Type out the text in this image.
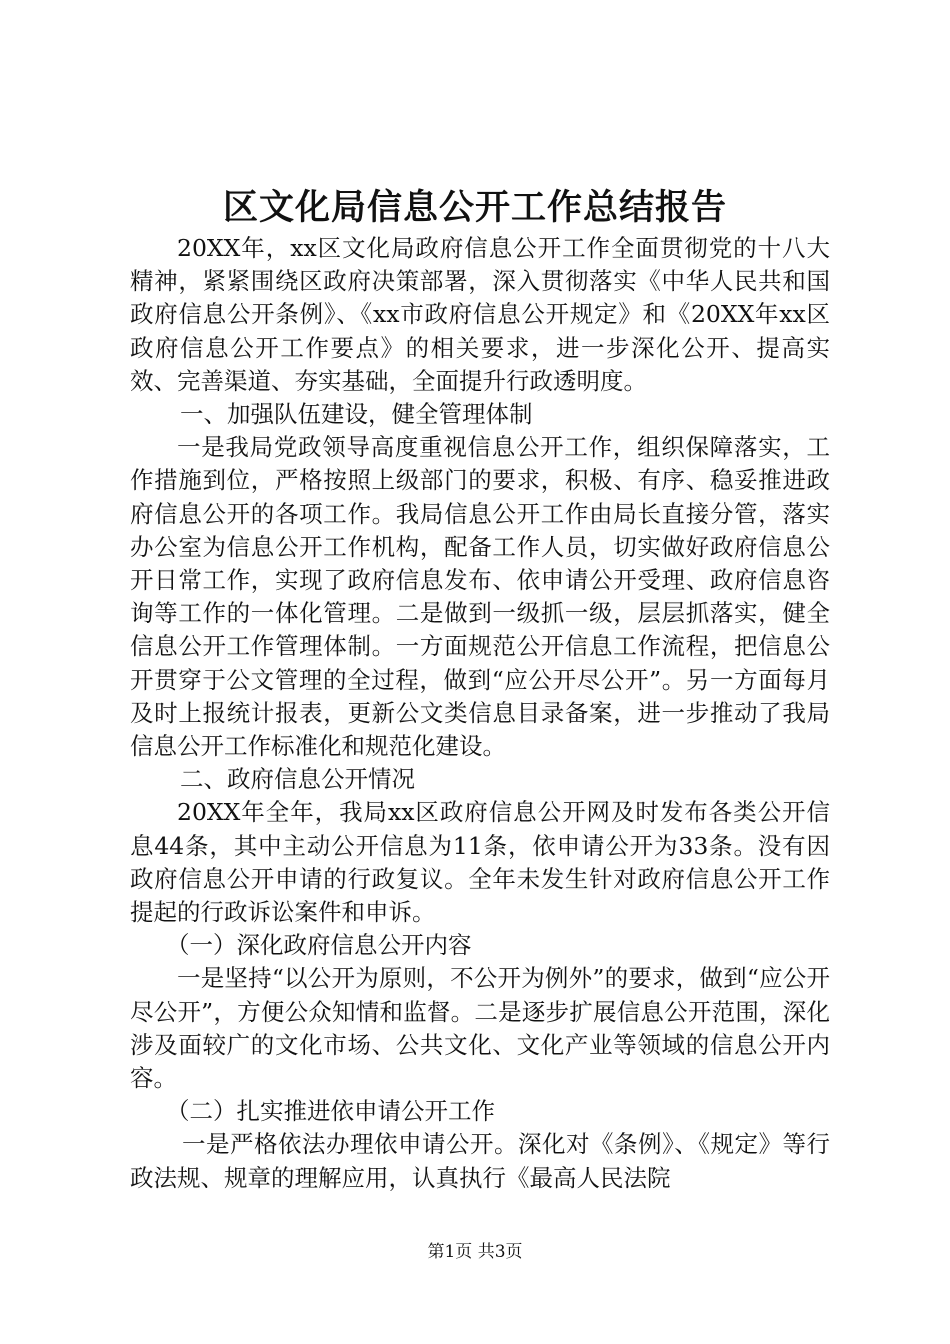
区文化局信息公开工作总结报告

20XX年，xx区文化局政府信息公开工作全面贯彻党的十八大精神，紧紧围绕区政府决策部署，深入贯彻落实《中华人民共和国政府信息公开条例》、《xx市政府信息公开规定》和《20XX年xx区政府信息公开工作要点》的相关要求，进一步深化公开、提高实效、完善渠道、夯实基础，全面提升行政透明度。

一、加强队伍建设，健全管理体制

一是我局党政领导高度重视信息公开工作，组织保障落实，工作措施到位，严格按照上级部门的要求，积极、有序、稳妥推进政府信息公开的各项工作。我局信息公开工作由局长直接分管，落实办公室为信息公开工作机构，配备工作人员，切实做好政府信息公开日常工作，实现了政府信息发布、依申请公开受理、政府信息咨询等工作的一体化管理。二是做到一级抓一级，层层抓落实，健全信息公开工作管理体制。一方面规范公开信息工作流程，把信息公开贯穿于公文管理的全过程，做到“应公开尽公开”。另一方面每月及时上报统计报表，更新公文类信息目录备案，进一步推动了我局信息公开工作标准化和规范化建设。

二、政府信息公开情况

20XX年全年，我局xx区政府信息公开网及时发布各类公开信息44条，其中主动公开信息为11条，依申请公开为33条。没有因政府信息公开申请的行政复议。全年未发生针对政府信息公开工作提起的行政诉讼案件和申诉。

（一）深化政府信息公开内容

一是坚持“以公开为原则，不公开为例外”的要求，做到“应公开尽公开”，方便公众知情和监督。二是逐步扩展信息公开范围，深化涉及面较广的文化市场、公共文化、文化产业等领域的信息公开内容。

（二）扎实推进依申请公开工作

一是严格依法办理依申请公开。深化对《条例》、《规定》等行政法规、规章的理解应用，认真执行《最高人民法院

第1页 共3页
